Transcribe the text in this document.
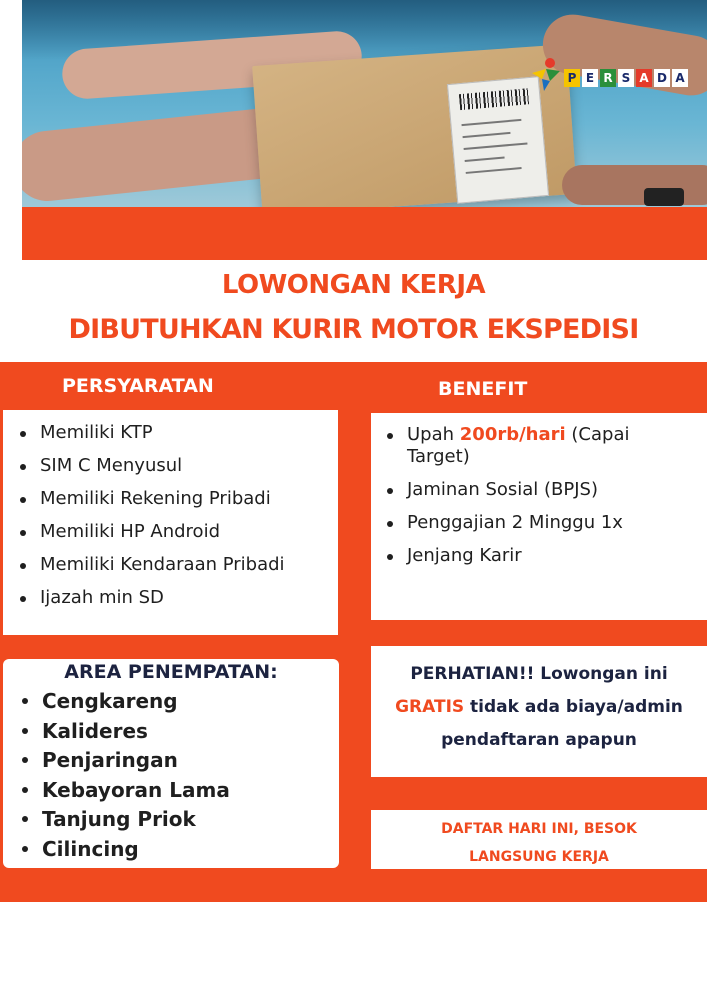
P E R S A D A
LOWONGAN KERJA
DIBUTUHKAN KURIR MOTOR EKSPEDISI
PERSYARATAN	BENEFIT
Memiliki KTP
SIM C Menyusul
Memiliki Rekening Pribadi
Memiliki HP Android
Memiliki Kendaraan Pribadi
Ijazah min SD
Upah 200rb/hari (Capai Target)
Jaminan Sosial (BPJS)
Penggajian 2 Minggu 1x
Jenjang Karir
AREA PENEMPATAN:
Cengkareng
Kalideres
Penjaringan
Kebayoran Lama
Tanjung Priok
Cilincing
PERHATIAN!! Lowongan ini
GRATIS tidak ada biaya/admin
pendaftaran apapun
DAFTAR HARI INI, BESOK
LANGSUNG KERJA
